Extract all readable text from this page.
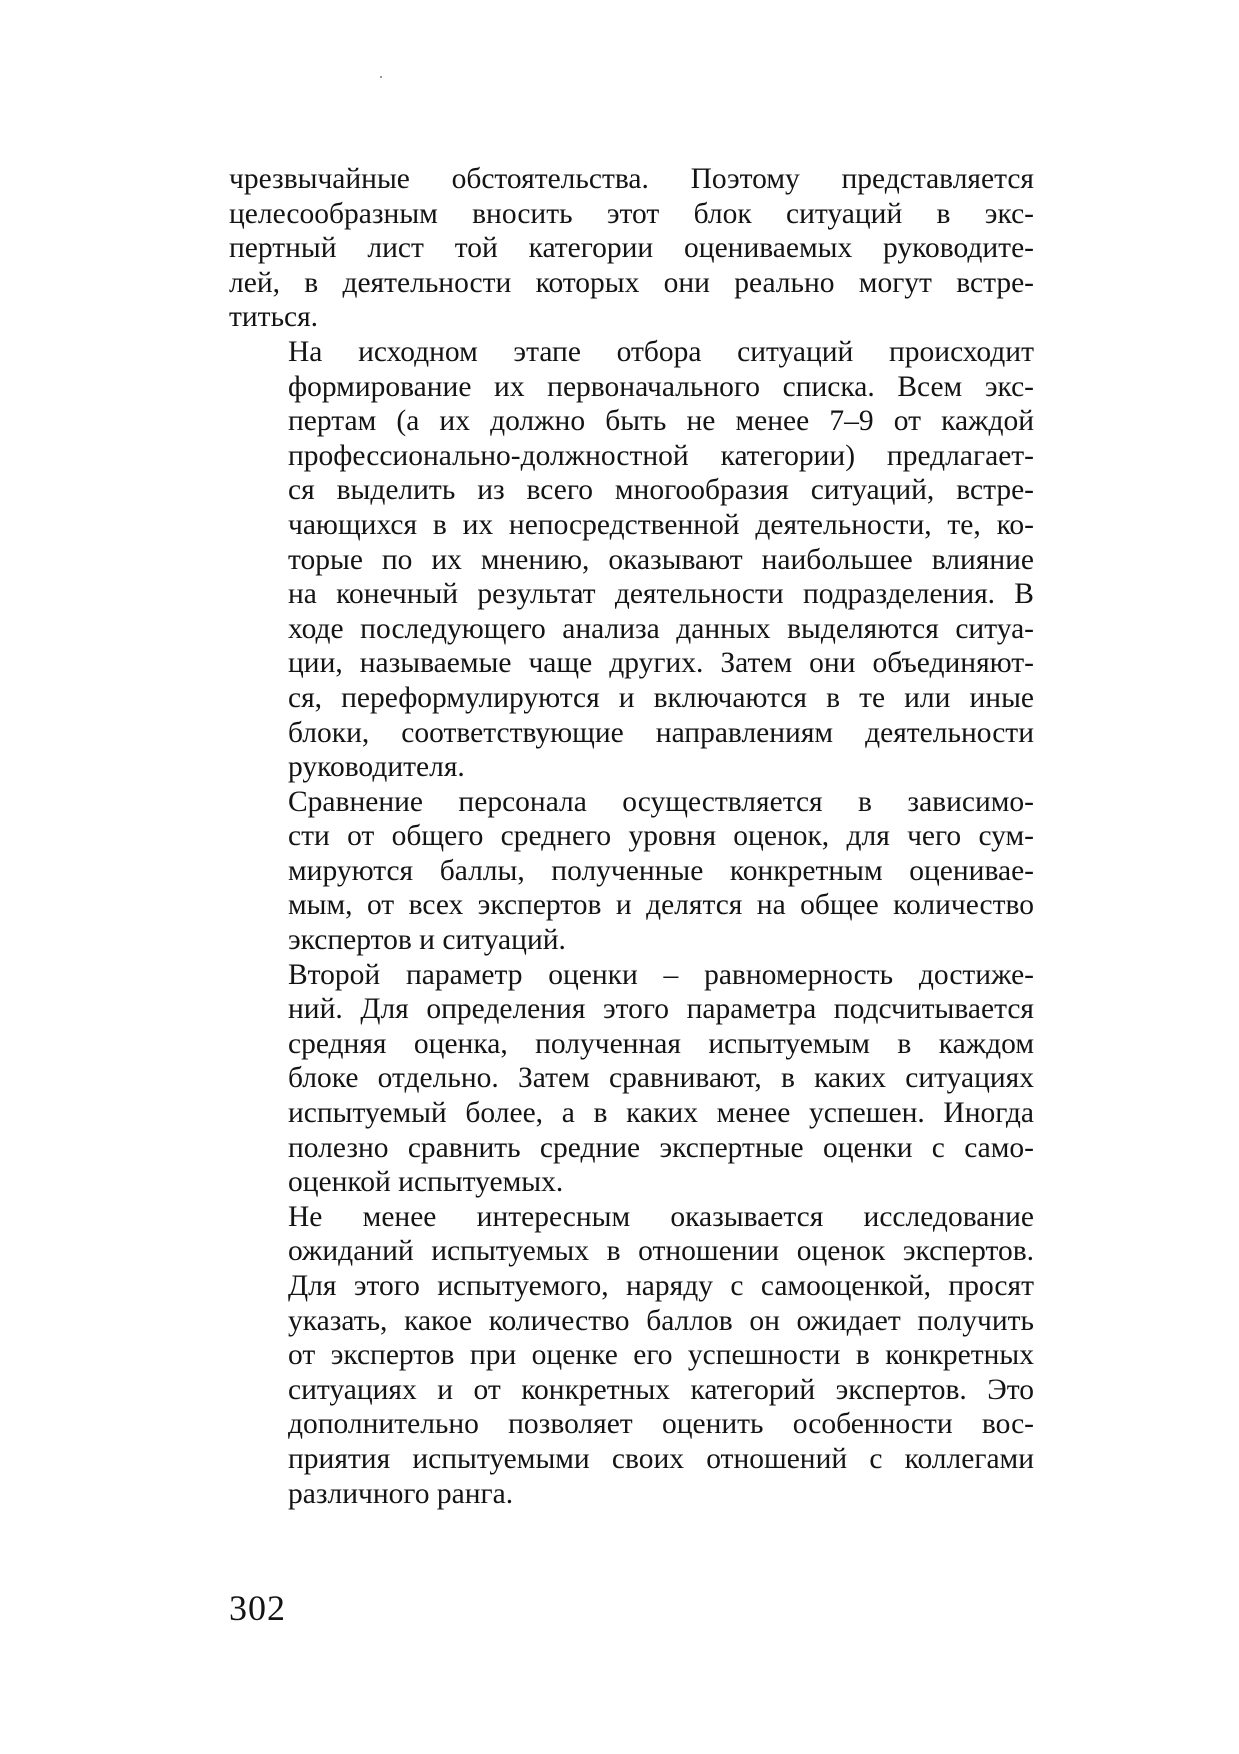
чрезвычайные обстоятельства. Поэтому представляется
целесообразным вносить этот блок ситуаций в экс-
пертный лист той категории оцениваемых руководите-
лей, в деятельности которых они реально могут встре-
титься.

На исходном этапе отбора ситуаций происходит
формирование их первоначального списка. Всем экс-
пертам (а их должно быть не менее 7–9 от каждой
профессионально-должностной категории) предлагает-
ся выделить из всего многообразия ситуаций, встре-
чающихся в их непосредственной деятельности, те, ко-
торые по их мнению, оказывают наибольшее влияние
на конечный результат деятельности подразделения. В
ходе последующего анализа данных выделяются ситуа-
ции, называемые чаще других. Затем они объединяют-
ся, переформулируются и включаются в те или иные
блоки, соответствующие направлениям деятельности
руководителя.

Сравнение персонала осуществляется в зависимо-
сти от общего среднего уровня оценок, для чего сум-
мируются баллы, полученные конкретным оценивае-
мым, от всех экспертов и делятся на общее количество
экспертов и ситуаций.

Второй параметр оценки – равномерность достиже-
ний. Для определения этого параметра подсчитывается
средняя оценка, полученная испытуемым в каждом
блоке отдельно. Затем сравнивают, в каких ситуациях
испытуемый более, а в каких менее успешен. Иногда
полезно сравнить средние экспертные оценки с само-
оценкой испытуемых.

Не менее интересным оказывается исследование
ожиданий испытуемых в отношении оценок экспертов.
Для этого испытуемого, наряду с самооценкой, просят
указать, какое количество баллов он ожидает получить
от экспертов при оценке его успешности в конкретных
ситуациях и от конкретных категорий экспертов. Это
дополнительно позволяет оценить особенности вос-
приятия испытуемыми своих отношений с коллегами
различного ранга.

302
